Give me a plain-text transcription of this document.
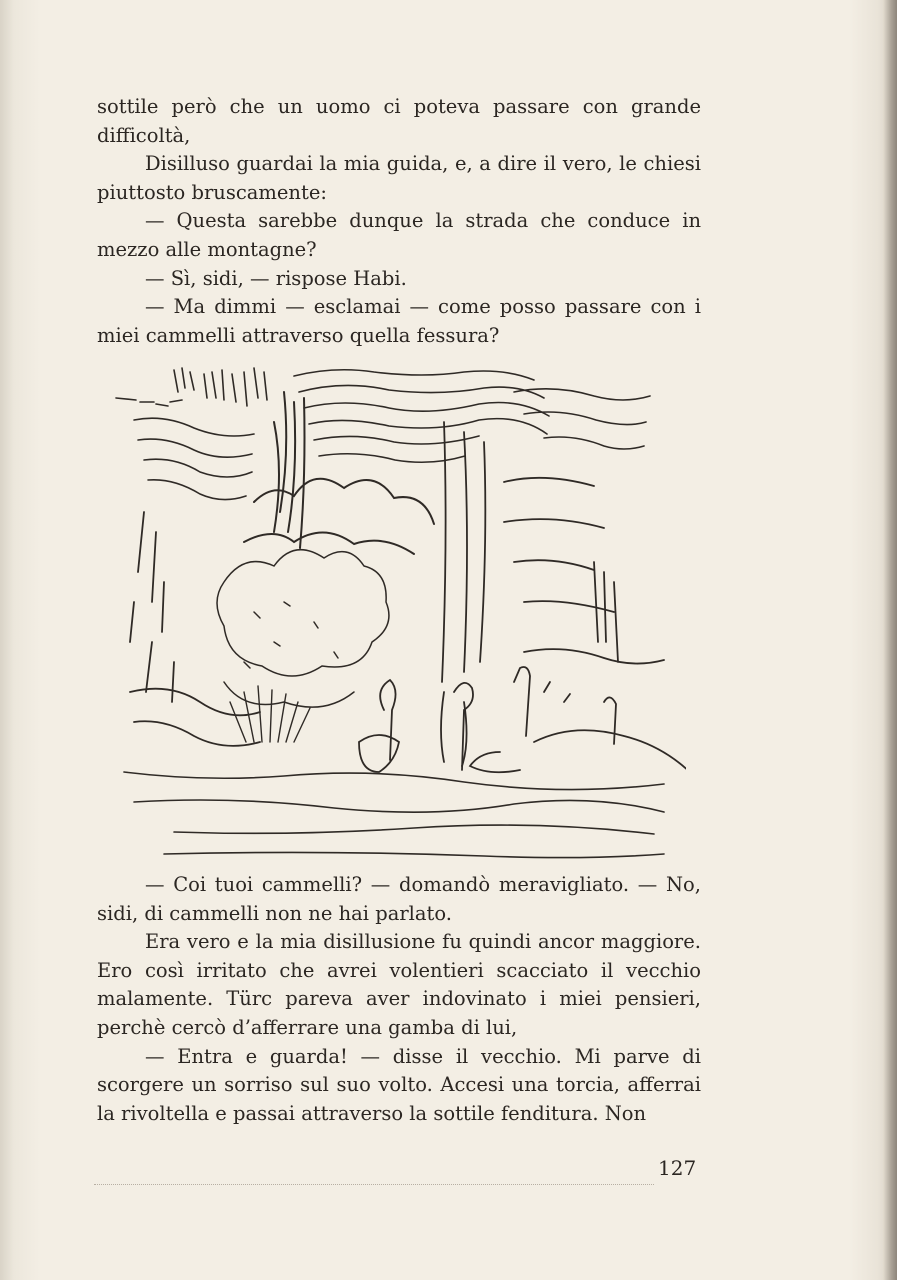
sottile però che un uomo ci poteva passare con grande difficoltà,

Disilluso guardai la mia guida, e, a dire il vero, le chiesi piuttosto bruscamente:

— Questa sarebbe dunque la strada che conduce in mezzo alle montagne?

— Sì, sidi, — rispose Habi.

— Ma dimmi — esclamai — come posso passare con i miei cammelli attraverso quella fessura?

— Coi tuoi cammelli? — domandò meravigliato. — No, sidi, di cammelli non ne hai parlato.

Era vero e la mia disillusione fu quindi ancor maggiore. Ero così irritato che avrei volentieri scacciato il vecchio malamente. Türc pareva aver indovinato i miei pensieri, perchè cercò d’afferrare una gamba di lui,

— Entra e guarda! — disse il vecchio. Mi parve di scorgere un sorriso sul suo volto. Accesi una torcia, afferrai la rivoltella e passai attraverso la sottile fenditura. Non

127
